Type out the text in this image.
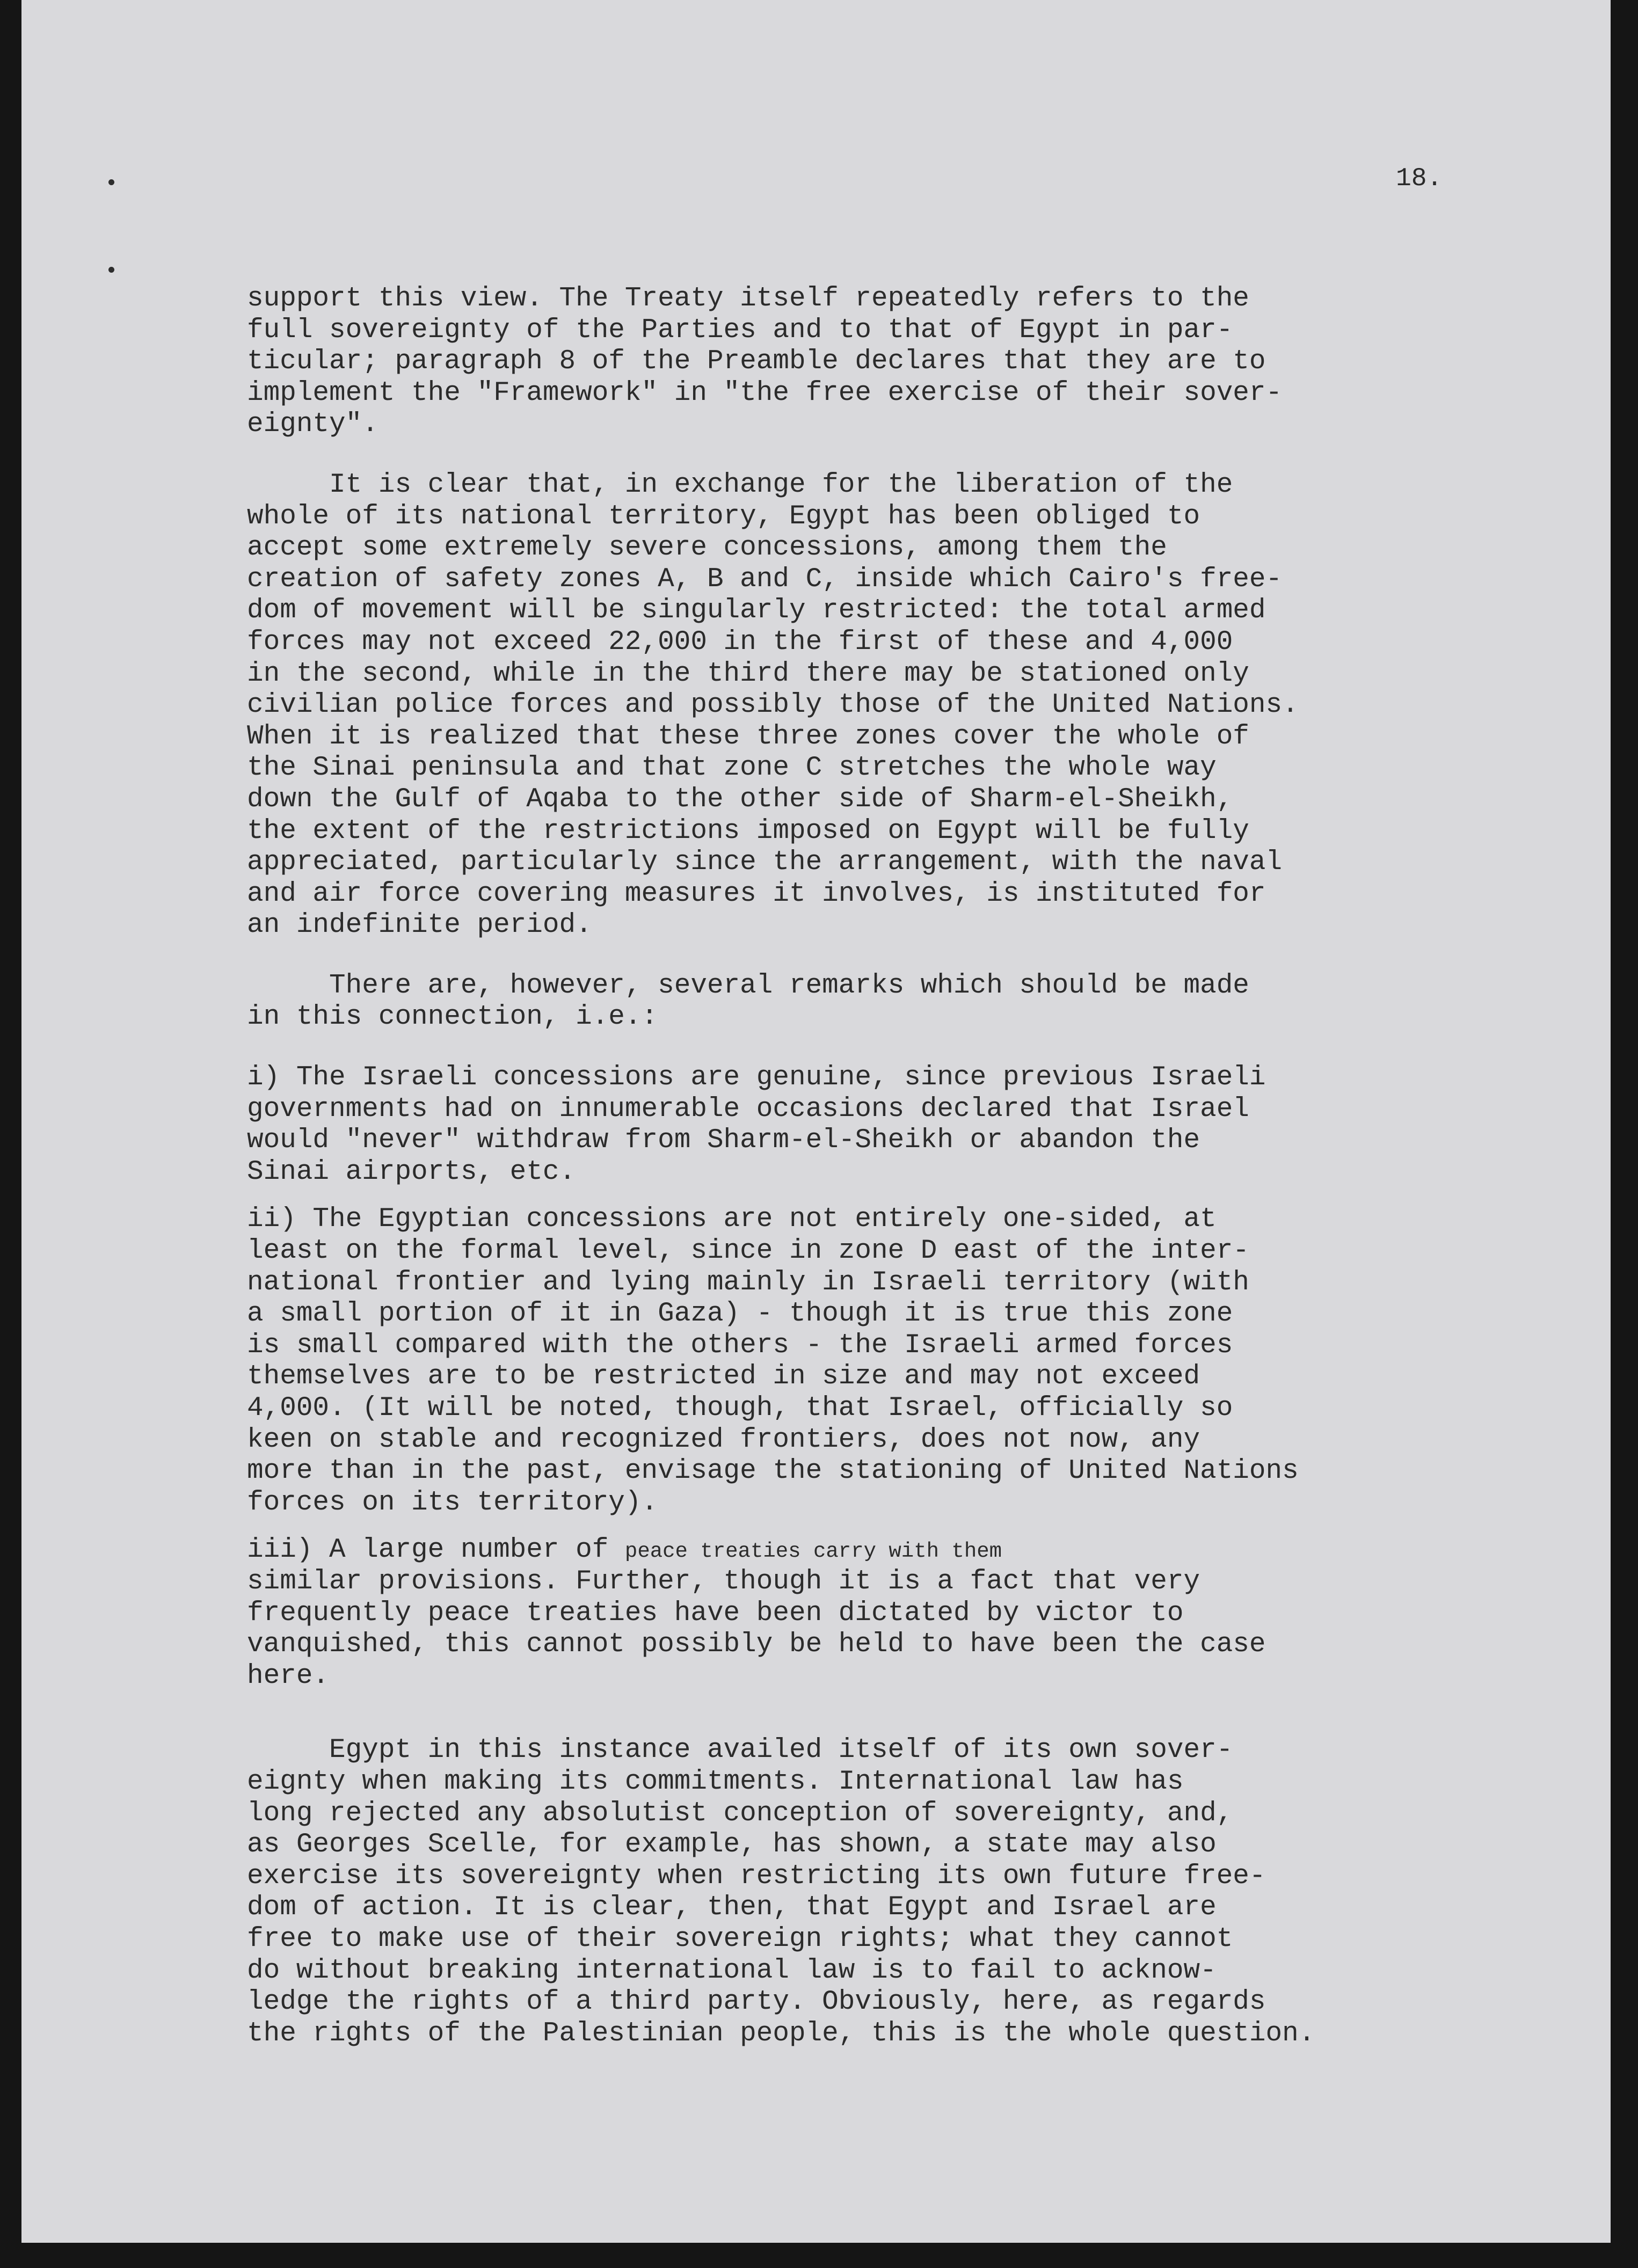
18.
support this view. The Treaty itself repeatedly refers to the
full sovereignty of the Parties and to that of Egypt in par-
ticular; paragraph 8 of the Preamble declares that they are to
implement the "Framework" in "the free exercise of their sover-
eignty".
It is clear that, in exchange for the liberation of the
whole of its national territory, Egypt has been obliged to
accept some extremely severe concessions, among them the
creation of safety zones A, B and C, inside which Cairo's free-
dom of movement will be singularly restricted: the total armed
forces may not exceed 22,000 in the first of these and 4,000
in the second, while in the third there may be stationed only
civilian police forces and possibly those of the United Nations.
When it is realized that these three zones cover the whole of
the Sinai peninsula and that zone C stretches the whole way
down the Gulf of Aqaba to the other side of Sharm-el-Sheikh,
the extent of the restrictions imposed on Egypt will be fully
appreciated, particularly since the arrangement, with the naval
and air force covering measures it involves, is instituted for
an indefinite period.
There are, however, several remarks which should be made
in this connection, i.e.:
i) The Israeli concessions are genuine, since previous Israeli
governments had on innumerable occasions declared that Israel
would "never" withdraw from Sharm-el-Sheikh or abandon the
Sinai airports, etc.
ii) The Egyptian concessions are not entirely one-sided, at
least on the formal level, since in zone D east of the inter-
national frontier and lying mainly in Israeli territory (with
a small portion of it in Gaza) - though it is true this zone
is small compared with the others - the Israeli armed forces
themselves are to be restricted in size and may not exceed
4,000. (It will be noted, though, that Israel, officially so
keen on stable and recognized frontiers, does not now, any
more than in the past, envisage the stationing of United Nations
forces on its territory).
iii) A large number of peace treaties carry with them
similar provisions. Further, though it is a fact that very
frequently peace treaties have been dictated by victor to
vanquished, this cannot possibly be held to have been the case
here.
Egypt in this instance availed itself of its own sover-
eignty when making its commitments. International law has
long rejected any absolutist conception of sovereignty, and,
as Georges Scelle, for example, has shown, a state may also
exercise its sovereignty when restricting its own future free-
dom of action. It is clear, then, that Egypt and Israel are
free to make use of their sovereign rights; what they cannot
do without breaking international law is to fail to acknow-
ledge the rights of a third party. Obviously, here, as regards
the rights of the Palestinian people, this is the whole question.
